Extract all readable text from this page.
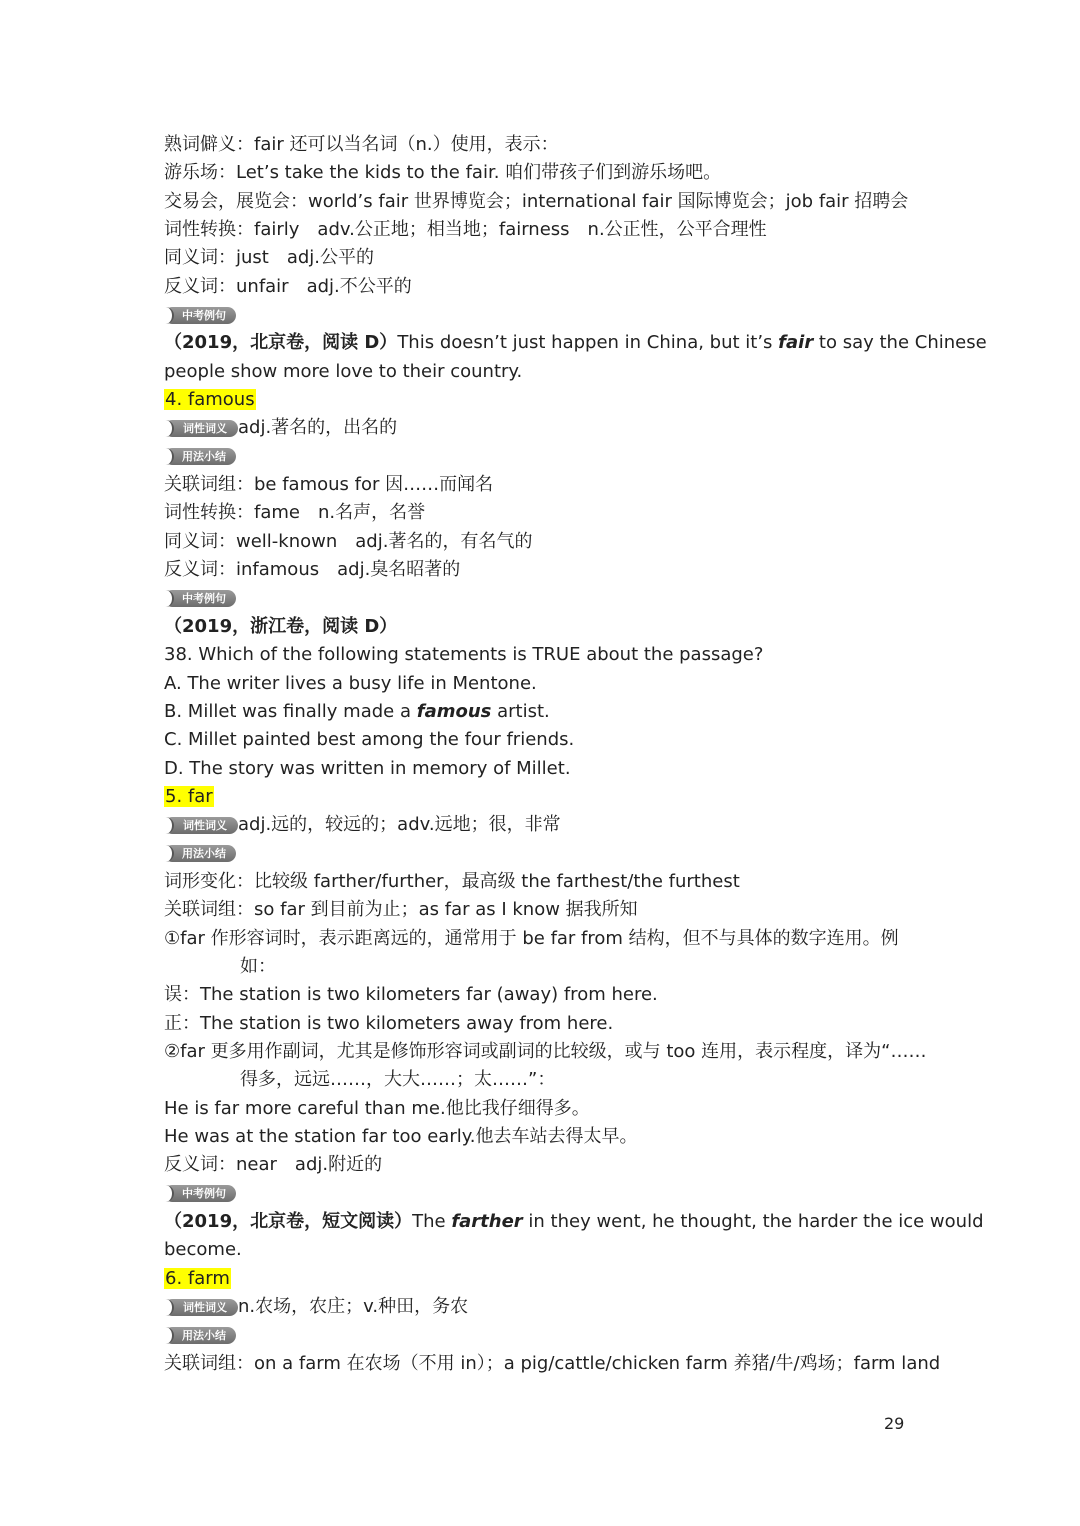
熟词僻义：fair 还可以当名词（n.）使用，表示：
游乐场：Let’s take the kids to the fair. 咱们带孩子们到游乐场吧。
交易会，展览会：world’s fair 世界博览会；international fair 国际博览会；job fair 招聘会
词性转换：fairly　adv.公正地；相当地；fairness　n.公正性，公平合理性
同义词：just　adj.公平的
反义词：unfair　adj.不公平的
中考例句
（2019，北京卷，阅读 D）This doesn’t just happen in China, but it’s fair to say the Chinese
people show more love to their country.
4. famous
词性词义 adj.著名的，出名的
用法小结
关联词组：be famous for 因……而闻名
词性转换：fame　n.名声，名誉
同义词：well-known　adj.著名的，有名气的
反义词：infamous　adj.臭名昭著的
中考例句
（2019，浙江卷，阅读 D）
38. Which of the following statements is TRUE about the passage?
A. The writer lives a busy life in Mentone.
B. Millet was finally made a famous artist.
C. Millet painted best among the four friends.
D. The story was written in memory of Millet.
5. far
词性词义 adj.远的，较远的；adv.远地；很，非常
用法小结
词形变化：比较级 farther/further，最高级 the farthest/the furthest
关联词组：so far 到目前为止；as far as I know 据我所知
①far 作形容词时，表示距离远的，通常用于 be far from 结构，但不与具体的数字连用。例
如：
误：The station is two kilometers far (away) from here.
正：The station is two kilometers away from here.
②far 更多用作副词，尤其是修饰形容词或副词的比较级，或与 too 连用，表示程度，译为“……
得多，远远……，大大……；太……”：
He is far more careful than me.他比我仔细得多。
He was at the station far too early.他去车站去得太早。
反义词：near　adj.附近的
中考例句
（2019，北京卷，短文阅读）The farther in they went, he thought, the harder the ice would
become.
6. farm
词性词义 n.农场，农庄；v.种田，务农
用法小结
关联词组：on a farm 在农场（不用 in）；a pig/cattle/chicken farm 养猪/牛/鸡场；farm land
29
